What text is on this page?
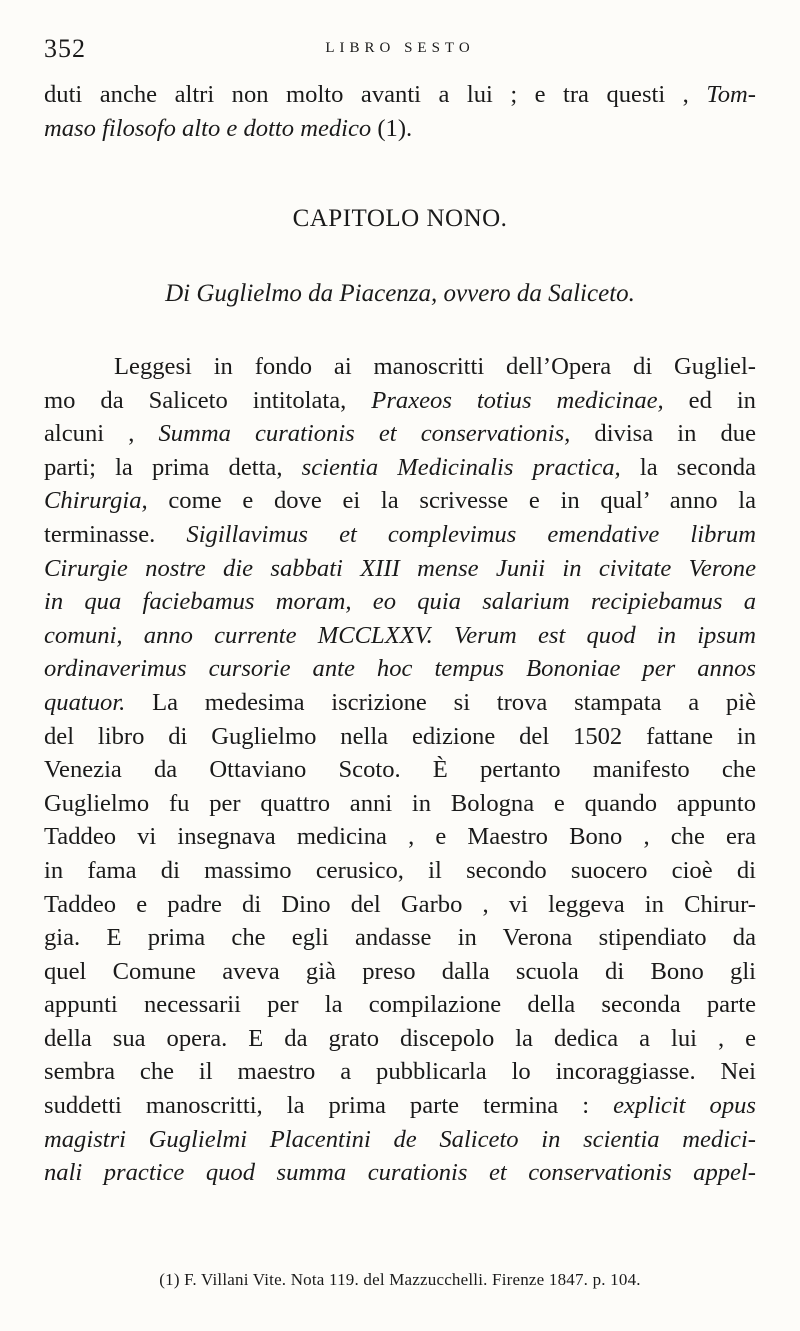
352	LIBRO SESTO
duti anche altri non molto avanti a lui ; e tra questi , Tom-
maso filosofo alto e dotto medico (1).
CAPITOLO NONO.
Di Guglielmo da Piacenza, ovvero da Saliceto.
Leggesi in fondo ai manoscritti dell’Opera di Gugliel-
mo da Saliceto intitolata, Praxeos totius medicinae, ed in
alcuni , Summa curationis et conservationis, divisa in due
parti; la prima detta, scientia Medicinalis practica, la seconda
Chirurgia, come e dove ei la scrivesse e in qual’ anno la
terminasse. Sigillavimus et complevimus emendative librum
Cirurgie nostre die sabbati XIII mense Junii in civitate Verone
in qua faciebamus moram, eo quia salarium recipiebamus a
comuni, anno currente MCCLXXV. Verum est quod in ipsum
ordinaverimus cursorie ante hoc tempus Bononiae per annos
quatuor. La medesima iscrizione si trova stampata a piè
del libro di Guglielmo nella edizione del 1502 fattane in
Venezia da Ottaviano Scoto. È pertanto manifesto che
Guglielmo fu per quattro anni in Bologna e quando appunto
Taddeo vi insegnava medicina , e Maestro Bono , che era
in fama di massimo cerusico, il secondo suocero cioè di
Taddeo e padre di Dino del Garbo , vi leggeva in Chirur-
gia. E prima che egli andasse in Verona stipendiato da
quel Comune aveva già preso dalla scuola di Bono gli
appunti necessarii per la compilazione della seconda parte
della sua opera. E da grato discepolo la dedica a lui , e
sembra che il maestro a pubblicarla lo incoraggiasse. Nei
suddetti manoscritti, la prima parte termina : explicit opus
magistri Guglielmi Placentini de Saliceto in scientia medici-
nali practice quod summa curationis et conservationis appel-
(1) F. Villani Vite. Nota 119. del Mazzucchelli. Firenze 1847. p. 104.
